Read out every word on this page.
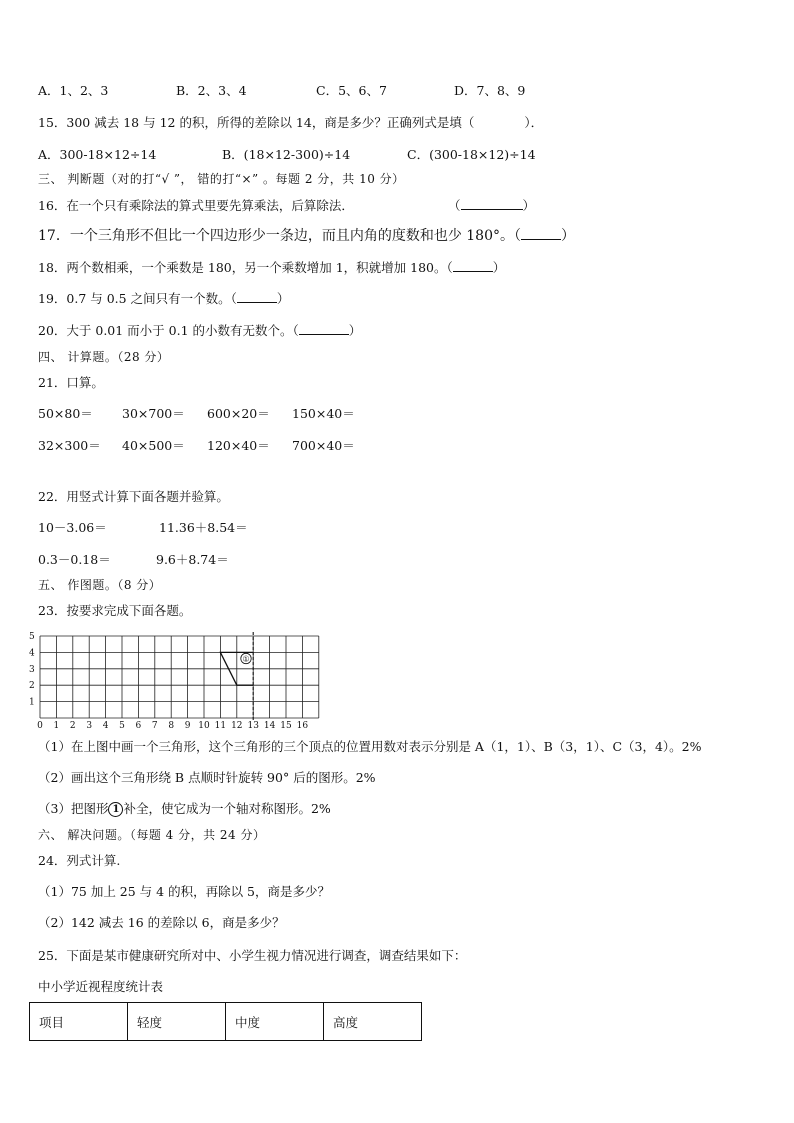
A．1、2、3	B．2、3、4	C．5、6、7	D．7、8、9
15．300 减去 18 与 12 的积，所得的差除以 14，商是多少？正确列式是填（	）．
A．300-18×12÷14	B．(18×12-300)÷14	C．(300-18×12)÷14
三、 判断题（对的打“√ ”， 错的打“×” 。每题 2 分，共 10 分）
16．在一个只有乘除法的算式里要先算乘法，后算除法．	（	）
17．一个三角形不但比一个四边形少一条边，而且内角的度数和也少 180°。（	）
18．两个数相乘，一个乘数是 180，另一个乘数增加 1，积就增加 180。（	）
19．0.7 与 0.5 之间只有一个数。（	）
20．大于 0.01 而小于 0.1 的小数有无数个。（	）
四、 计算题。（28 分）
21．口算。
50×80＝ 30×700＝ 600×20＝ 150×40＝
32×300＝ 40×500＝ 120×40＝ 700×40＝
22．用竖式计算下面各题并验算。
10－3.06＝	11.36＋8.54＝
0.3－0.18＝	9.6＋8.74＝
五、 作图题。（8 分）
23．按要求完成下面各题。
5
4
3
2
1
0 1 2 3 4 5 6 7 8 9 10 11 12 13 14 15 16
①
（1）在上图中画一个三角形，这个三角形的三个顶点的位置用数对表示分别是 A（1，1）、B（3，1）、C（3，4）。2%
（2）画出这个三角形绕 B 点顺时针旋转 90° 后的图形。2%
（3）把图形 1 补全，使它成为一个轴对称图形。2%
六、 解决问题。（每题 4 分，共 24 分）
24．列式计算.
（1）75 加上 25 与 4 的积，再除以 5，商是多少？
（2）142 减去 16 的差除以 6，商是多少？
25．下面是某市健康研究所对中、小学生视力情况进行调查，调查结果如下：
中小学近视程度统计表
项目	轻度	中度	高度
